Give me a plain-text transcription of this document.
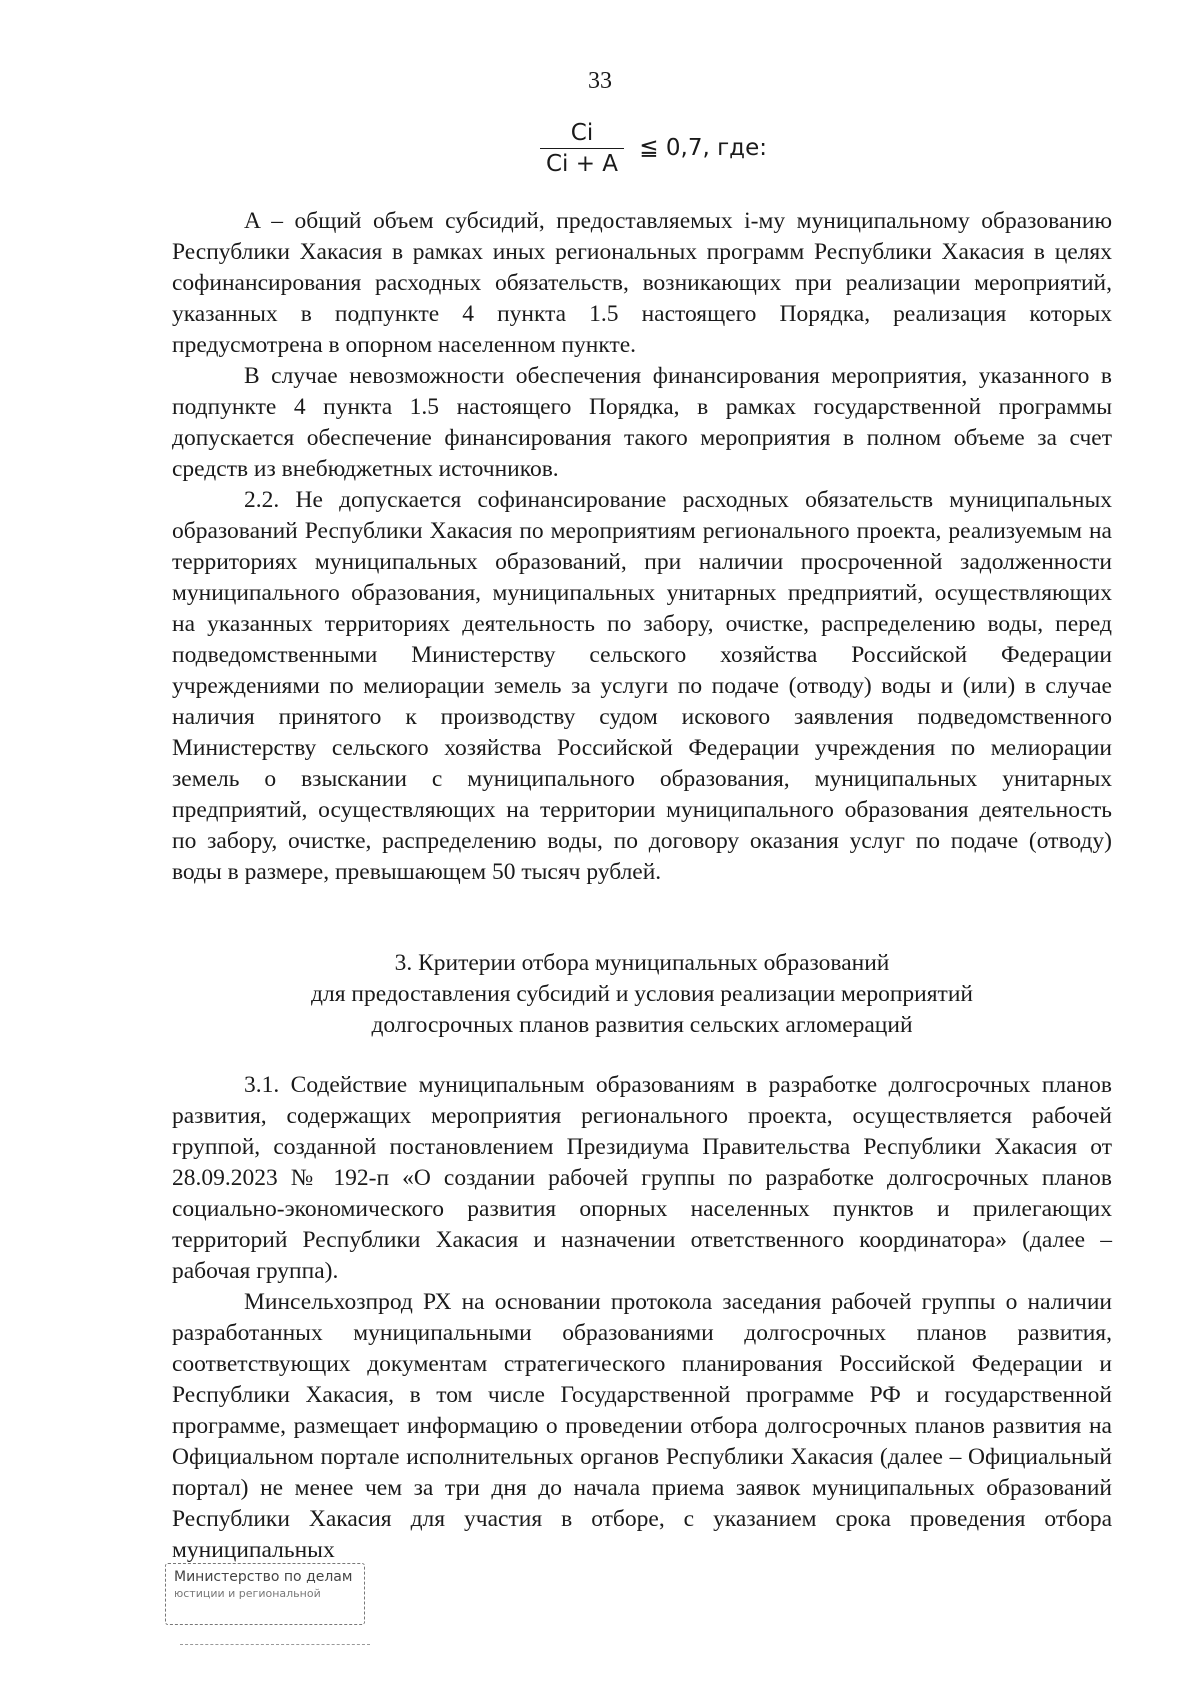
33
$\frac{Ci}{Ci + A}$ ≦ 0,7, где:

A – общий объем субсидий, предоставляемых i-му муниципальному образованию Республики Хакасия в рамках иных региональных программ Республики Хакасия в целях софинансирования расходных обязательств, возникающих при реализации мероприятий, указанных в подпункте 4 пункта 1.5 настоящего Порядка, реализация которых предусмотрена в опорном населенном пункте.

В случае невозможности обеспечения финансирования мероприятия, указанного в подпункте 4 пункта 1.5 настоящего Порядка, в рамках государственной программы допускается обеспечение финансирования такого мероприятия в полном объеме за счет средств из внебюджетных источников.

2.2. Не допускается софинансирование расходных обязательств муниципальных образований Республики Хакасия по мероприятиям регионального проекта, реализуемым на территориях муниципальных образований, при наличии просроченной задолженности муниципального образования, муниципальных унитарных предприятий, осуществляющих на указанных территориях деятельность по забору, очистке, распределению воды, перед подведомственными Министерству сельского хозяйства Российской Федерации учреждениями по мелиорации земель за услуги по подаче (отводу) воды и (или) в случае наличия принятого к производству судом искового заявления подведомственного Министерству сельского хозяйства Российской Федерации учреждения по мелиорации земель о взыскании с муниципального образования, муниципальных унитарных предприятий, осуществляющих на территории муниципального образования деятельность по забору, очистке, распределению воды, по договору оказания услуг по подаче (отводу) воды в размере, превышающем 50 тысяч рублей.

3. Критерии отбора муниципальных образований
для предоставления субсидий и условия реализации мероприятий
долгосрочных планов развития сельских агломераций

3.1. Содействие муниципальным образованиям в разработке долгосрочных планов развития, содержащих мероприятия регионального проекта, осуществляется рабочей группой, созданной постановлением Президиума Правительства Республики Хакасия от 28.09.2023 № 192-п «О создании рабочей группы по разработке долгосрочных планов социально-экономического развития опорных населенных пунктов и прилегающих территорий Республики Хакасия и назначении ответственного координатора» (далее – рабочая группа).

Минсельхозпрод РХ на основании протокола заседания рабочей группы о наличии разработанных муниципальными образованиями долгосрочных планов развития, соответствующих документам стратегического планирования Российской Федерации и Республики Хакасия, в том числе Государственной программе РФ и государственной программе, размещает информацию о проведении отбора долгосрочных планов развития на Официальном портале исполнительных органов Республики Хакасия (далее – Официальный портал) не менее чем за три дня до начала приема заявок муниципальных образований Республики Хакасия для участия в отборе, с указанием срока проведения отбора муниципальных

Министерство по делам
юстиции и региональной
